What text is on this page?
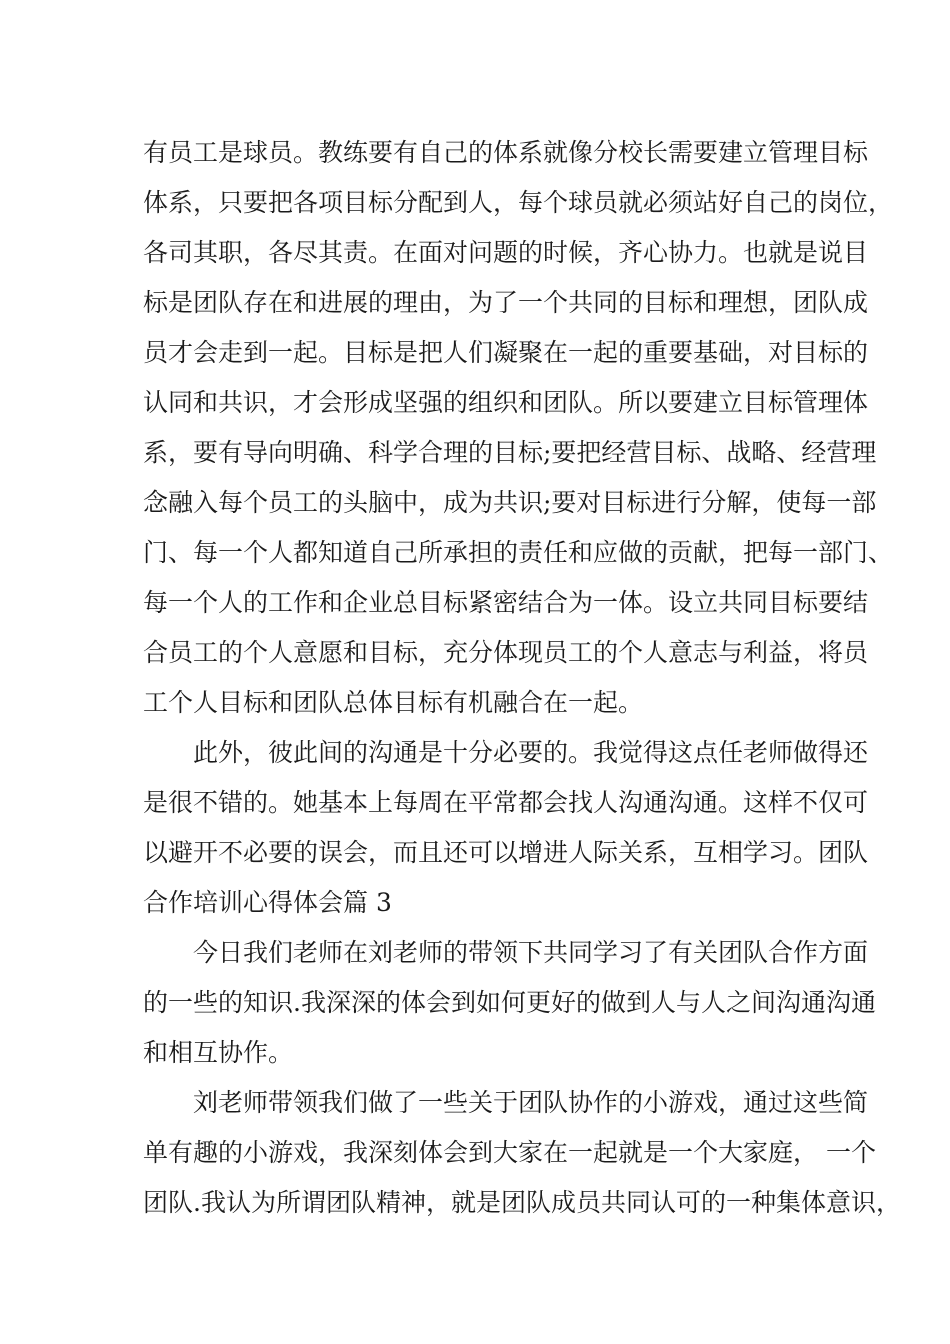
有员工是球员。教练要有自己的体系就像分校长需要建立管理目标
体系，只要把各项目标分配到人，每个球员就必须站好自己的岗位，
各司其职，各尽其责。在面对问题的时候，齐心协力。也就是说目
标是团队存在和进展的理由，为了一个共同的目标和理想，团队成
员才会走到一起。目标是把人们凝聚在一起的重要基础，对目标的
认同和共识，才会形成坚强的组织和团队。所以要建立目标管理体
系，要有导向明确、科学合理的目标;要把经营目标、战略、经营理
念融入每个员工的头脑中，成为共识;要对目标进行分解，使每一部
门、每一个人都知道自己所承担的责任和应做的贡献，把每一部门、
每一个人的工作和企业总目标紧密结合为一体。设立共同目标要结
合员工的个人意愿和目标，充分体现员工的个人意志与利益，将员
工个人目标和团队总体目标有机融合在一起。
此外，彼此间的沟通是十分必要的。我觉得这点任老师做得还
是很不错的。她基本上每周在平常都会找人沟通沟通。这样不仅可
以避开不必要的误会，而且还可以增进人际关系，互相学习。团队
合作培训心得体会篇 3
今日我们老师在刘老师的带领下共同学习了有关团队合作方面
的一些的知识.我深深的体会到如何更好的做到人与人之间沟通沟通
和相互协作。
刘老师带领我们做了一些关于团队协作的小游戏，通过这些简
单有趣的小游戏，我深刻体会到大家在一起就是一个大家庭， 一个
团队.我认为所谓团队精神，就是团队成员共同认可的一种集体意识，
